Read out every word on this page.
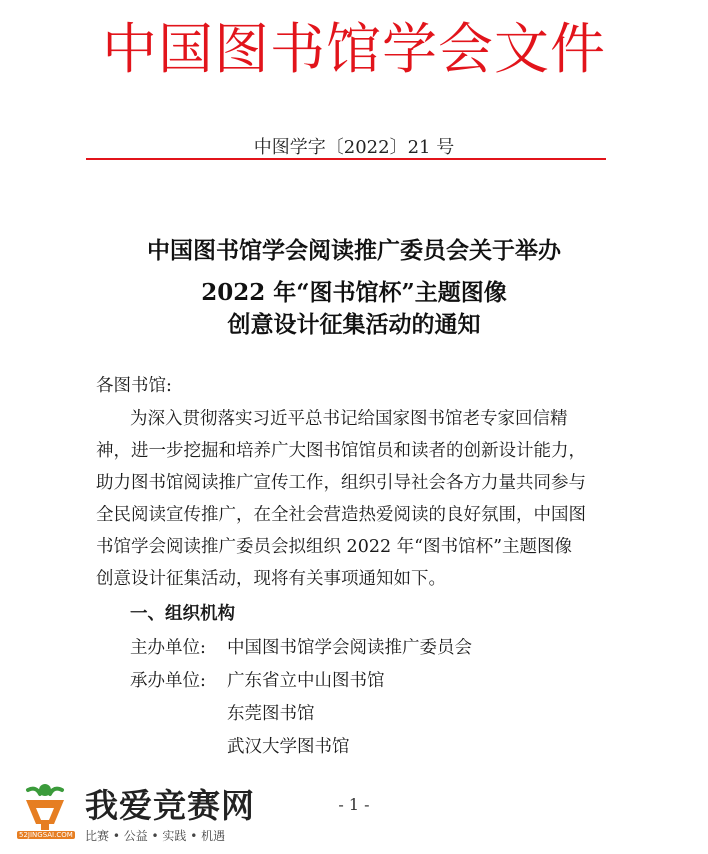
中国图书馆学会文件
中图学字〔2022〕21 号
中国图书馆学会阅读推广委员会关于举办
2022 年“图书馆杯”主题图像
创意设计征集活动的通知
各图书馆:
为深入贯彻落实习近平总书记给国家图书馆老专家回信精
神，进一步挖掘和培养广大图书馆馆员和读者的创新设计能力，
助力图书馆阅读推广宣传工作，组织引导社会各方力量共同参与
全民阅读宣传推广，在全社会营造热爱阅读的良好氛围，中国图
书馆学会阅读推广委员会拟组织 2022 年“图书馆杯”主题图像
创意设计征集活动，现将有关事项通知如下。
一、组织机构
主办单位: 中国图书馆学会阅读推广委员会
承办单位: 广东省立中山图书馆
东莞图书馆
武汉大学图书馆
- 1 -
52JINGSAI.COM
我爱竞赛网
比赛 • 公益 • 实践 • 机遇
